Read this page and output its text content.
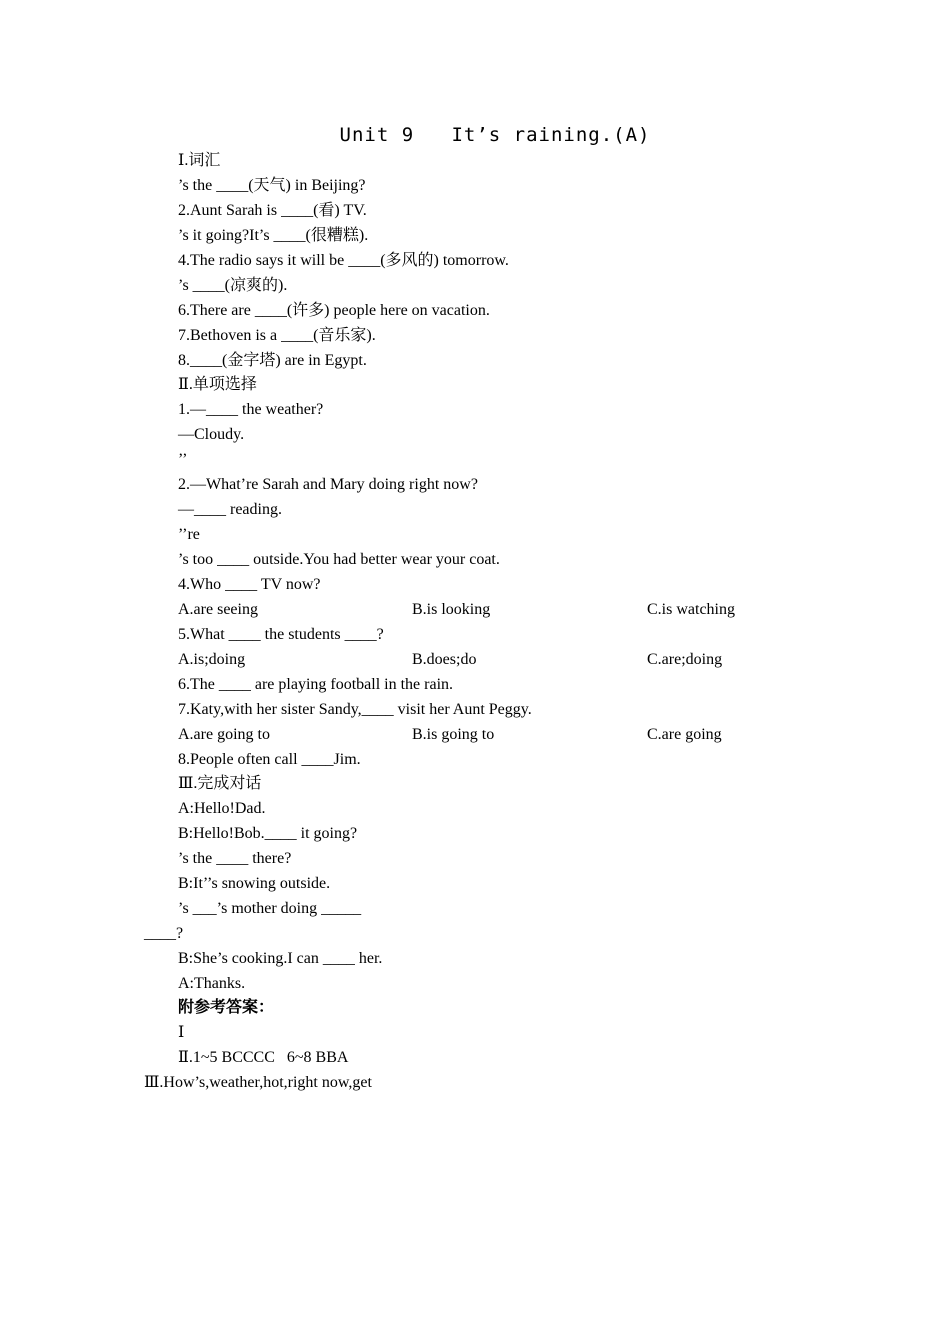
Unit 9   It’s raining.(A)
Ⅰ.词汇
’s the ____(天气) in Beijing?
2.Aunt Sarah is ____(看) TV.
’s it going?It’s ____(很糟糕).
4.The radio says it will be ____(多风的) tomorrow.
’s ____(凉爽的).
6.There are ____(许多) people here on vacation.
7.Bethoven is a ____(音乐家).
8.____(金字塔) are in Egypt.
Ⅱ.单项选择
1.—____ the weather?
—Cloudy.
’’
2.—What’re Sarah and Mary doing right now?
—____ reading.
’’re
’s too ____ outside.You had better wear your coat.
4.Who ____ TV now?
A.are seeing	B.is looking	C.is watching
5.What ____ the students ____?
A.is;doing	B.does;do	C.are;doing
6.The ____ are playing football in the rain.
7.Katy,with her sister Sandy,____ visit her Aunt Peggy.
A.are going to	B.is going to	C.are going
8.People often call ____Jim.
Ⅲ.完成对话
A:Hello!Dad.
B:Hello!Bob.____ it going?
’s the ____ there?
B:It’’s snowing outside.
’s ___’s mother doing _____
____?
B:She’s cooking.I can ____ her.
A:Thanks.
附参考答案：
Ⅰ
Ⅱ.1~5 BCCCC   6~8 BBA
Ⅲ.How’s,weather,hot,right now,get
